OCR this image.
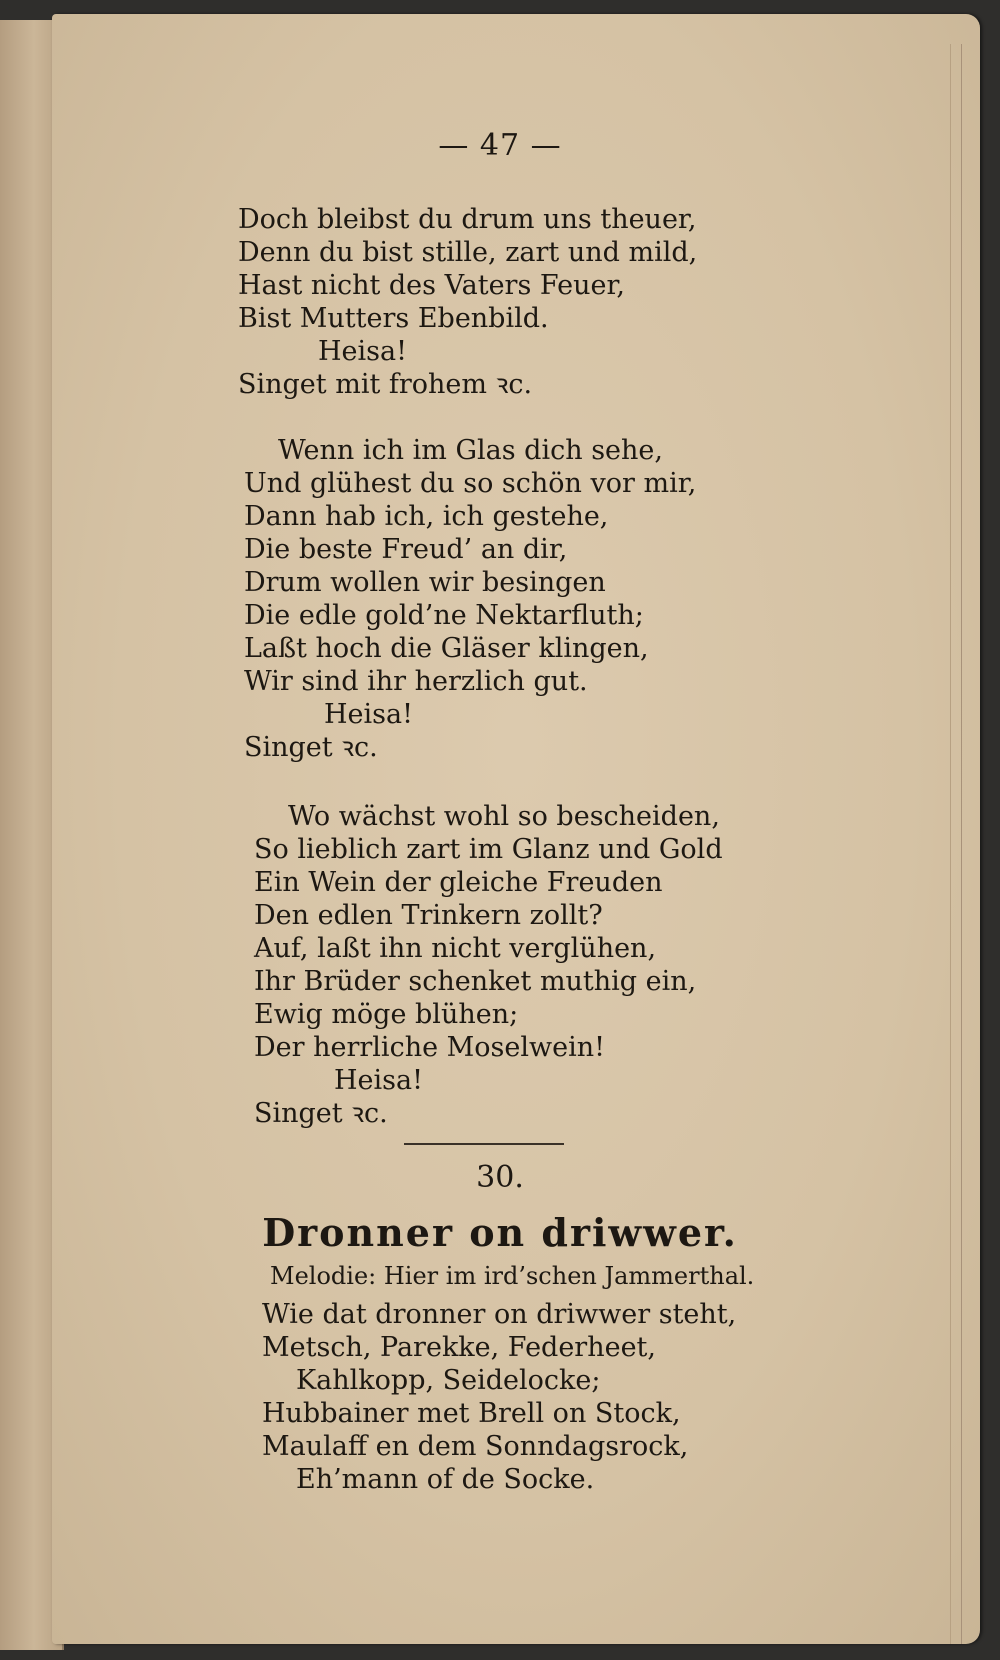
— 47 —
Doch bleibst du drum uns theuer,
Denn du bist stille, zart und mild,
Hast nicht des Vaters Feuer,
Bist Mutters Ebenbild.
Heisa!
Singet mit frohem ꝛc.
Wenn ich im Glas dich sehe,
Und glühest du so schön vor mir,
Dann hab ich, ich gestehe,
Die beste Freud’ an dir,
Drum wollen wir besingen
Die edle gold’ne Nektarfluth;
Laßt hoch die Gläser klingen,
Wir sind ihr herzlich gut.
Heisa!
Singet ꝛc.
Wo wächst wohl so bescheiden,
So lieblich zart im Glanz und Gold
Ein Wein der gleiche Freuden
Den edlen Trinkern zollt?
Auf, laßt ihn nicht verglühen,
Ihr Brüder schenket muthig ein,
Ewig möge blühen;
Der herrliche Moselwein!
Heisa!
Singet ꝛc.
30.
Dronner on driwwer.
Melodie: Hier im ird’schen Jammerthal.
Wie dat dronner on driwwer steht,
Metsch, Parekke, Federheet,
Kahlkopp, Seidelocke;
Hubbainer met Brell on Stock,
Maulaff en dem Sonndagsrock,
Eh’mann of de Socke.
